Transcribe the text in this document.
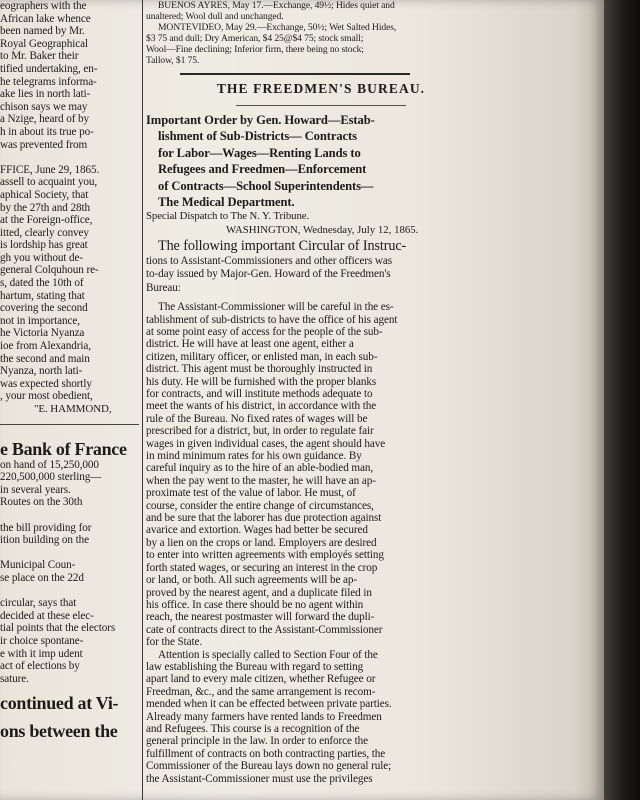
eographers with the
African lake whence
been named by Mr.
Royal Geographical
to Mr. Baker their
tified undertaking, en-
he telegrams informa-
ake lies in north lati-
chison says we may
a Nzige, heard of by
h in about its true po-
was prevented from

FFICE, June 29, 1865.
assell to acquaint you,
aphical Society, that
by the 27th and 28th
at the Foreign-office,
itted, clearly convey
is lordship has great
gh you without de-
general Colquhoun re-
s, dated the 10th of
hartum, stating that
covering the second
not in importance,
he Victoria Nyanza
ioe from Alexandria,
the second and main
Nyanza, north lati-
was expected shortly
, your most obedient,
"E. HAMMOND,
e Bank of France
on hand of 15,250,000
220,500,000 sterling—
in several years.
Routes on the 30th

the bill providing for
ition building on the

Municipal Coun-
se place on the 22d

circular, says that
decided at these elec-
tial points that the electors
ir choice spontane-
e with it imp udent
act of elections by
sature.
continued at Vi-
ons between the
BUENOS AYRES, May 17.—Exchange, 49½; Hides quiet and
unaltered; Wool dull and unchanged.
MONTEVIDEO, May 29.—Exchange, 50½; Wet Salted Hides,
$3 75 and dull; Dry American, $4 25@$4 75; stock small;
Wool—Fine declining; Inferior firm, there being no stock;
Tallow, $1 75.
THE FREEDMEN'S BUREAU.
Important Order by Gen. Howard—Estab-
lishment of Sub-Districts— Contracts
for Labor—Wages—Renting Lands to
Refugees and Freedmen—Enforcement
of Contracts—School Superintendents—
The Medical Department.
Special Dispatch to The N. Y. Tribune.
WASHINGTON, Wednesday, July 12, 1865.
The following important Circular of Instruc-
tions to Assistant-Commissioners and other officers was
to-day issued by Major-Gen. Howard of the Freedmen's
Bureau:
The Assistant-Commissioner will be careful in the es-
tablishment of sub-districts to have the office of his agent
at some point easy of access for the people of the sub-
district. He will have at least one agent, either a
citizen, military officer, or enlisted man, in each sub-
district. This agent must be thoroughly instructed in
his duty. He will be furnished with the proper blanks
for contracts, and will institute methods adequate to
meet the wants of his district, in accordance with the
rule of the Bureau. No fixed rates of wages will be
prescribed for a district, but, in order to regulate fair
wages in given individual cases, the agent should have
in mind minimum rates for his own guidance. By
careful inquiry as to the hire of an able-bodied man,
when the pay went to the master, he will have an ap-
proximate test of the value of labor. He must, of
course, consider the entire change of circumstances,
and be sure that the laborer has due protection against
avarice and extortion. Wages had better be secured
by a lien on the crops or land. Employers are desired
to enter into written agreements with employés setting
forth stated wages, or securing an interest in the crop
or land, or both. All such agreements will be ap-
proved by the nearest agent, and a duplicate filed in
his office. In case there should be no agent within
reach, the nearest postmaster will forward the dupli-
cate of contracts direct to the Assistant-Commissioner
for the State.
Attention is specially called to Section Four of the
law establishing the Bureau with regard to setting
apart land to every male citizen, whether Refugee or
Freedman, &c., and the same arrangement is recom-
mended when it can be effected between private parties.
Already many farmers have rented lands to Freedmen
and Refugees. This course is a recognition of the
general principle in the law. In order to enforce the
fulfillment of contracts on both contracting parties, the
Commissioner of the Bureau lays down no general rule;
the Assistant-Commissioner must use the privileges
